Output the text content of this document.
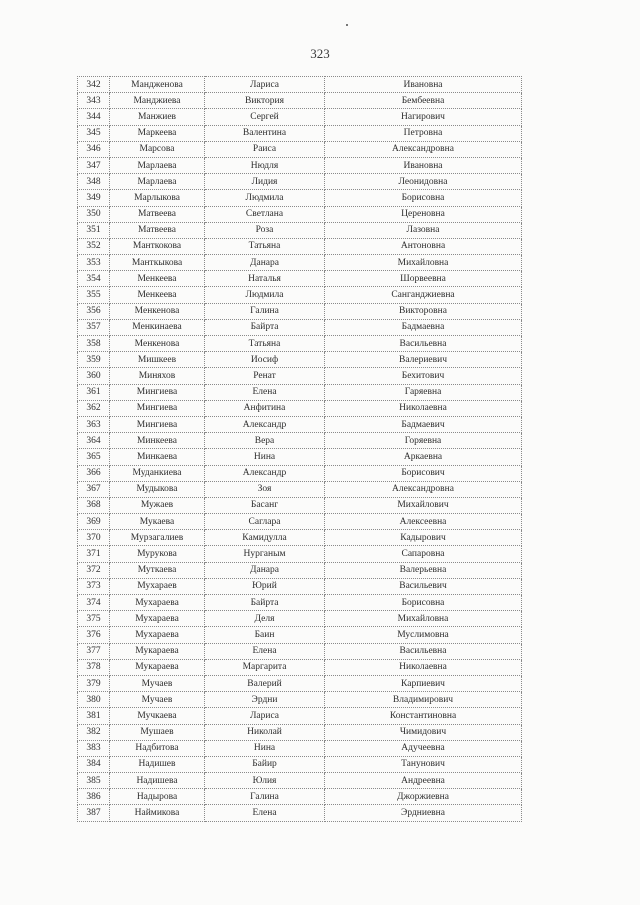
323
342	Мандженова	Лариса	Ивановна
343	Манджиева	Виктория	Бембеевна
344	Манжиев	Сергей	Нагирович
345	Маркеева	Валентина	Петровна
346	Марсова	Раиса	Александровна
347	Марлаева	Нюдля	Ивановна
348	Марлаева	Лидия	Леонидовна
349	Марлыкова	Людмила	Борисовна
350	Матвеева	Светлана	Цереновна
351	Матвеева	Роза	Лазовна
352	Манткокова	Татьяна	Антоновна
353	Манткыкова	Данара	Михайловна
354	Менкеева	Наталья	Шорвеевна
355	Менкеева	Людмила	Санганджиевна
356	Менкенова	Галина	Викторовна
357	Менкинаева	Байрта	Бадмаевна
358	Менкенова	Татьяна	Васильевна
359	Мишкеев	Иосиф	Валериевич
360	Миняхов	Ренат	Бехитович
361	Мингиева	Елена	Гаряевна
362	Мингиева	Анфитина	Николаевна
363	Мингиева	Александр	Бадмаевич
364	Минкеева	Вера	Горяевна
365	Минкаева	Нина	Аркаевна
366	Муданкиева	Александр	Борисович
367	Мудыкова	Зоя	Александровна
368	Мужаев	Басанг	Михайлович
369	Мукаева	Саглара	Алексеевна
370	Мурзагалиев	Камидулла	Кадырович
371	Мурукова	Нурганым	Сапаровна
372	Муткаева	Данара	Валерьевна
373	Мухараев	Юрий	Васильевич
374	Мухараева	Байрта	Борисовна
375	Мухараева	Деля	Михайловна
376	Мухараева	Баин	Муслимовна
377	Мукараева	Елена	Васильевна
378	Мукараева	Маргарита	Николаевна
379	Мучаев	Валерий	Карпиевич
380	Мучаев	Эрдни	Владимирович
381	Мучкаева	Лариса	Константиновна
382	Мушаев	Николай	Чимидович
383	Надбитова	Нина	Адучеевна
384	Надишев	Байир	Танунович
385	Надишева	Юлия	Андреевна
386	Надырова	Галина	Джоржиевна
387	Наймикова	Елена	Эрдниевна
